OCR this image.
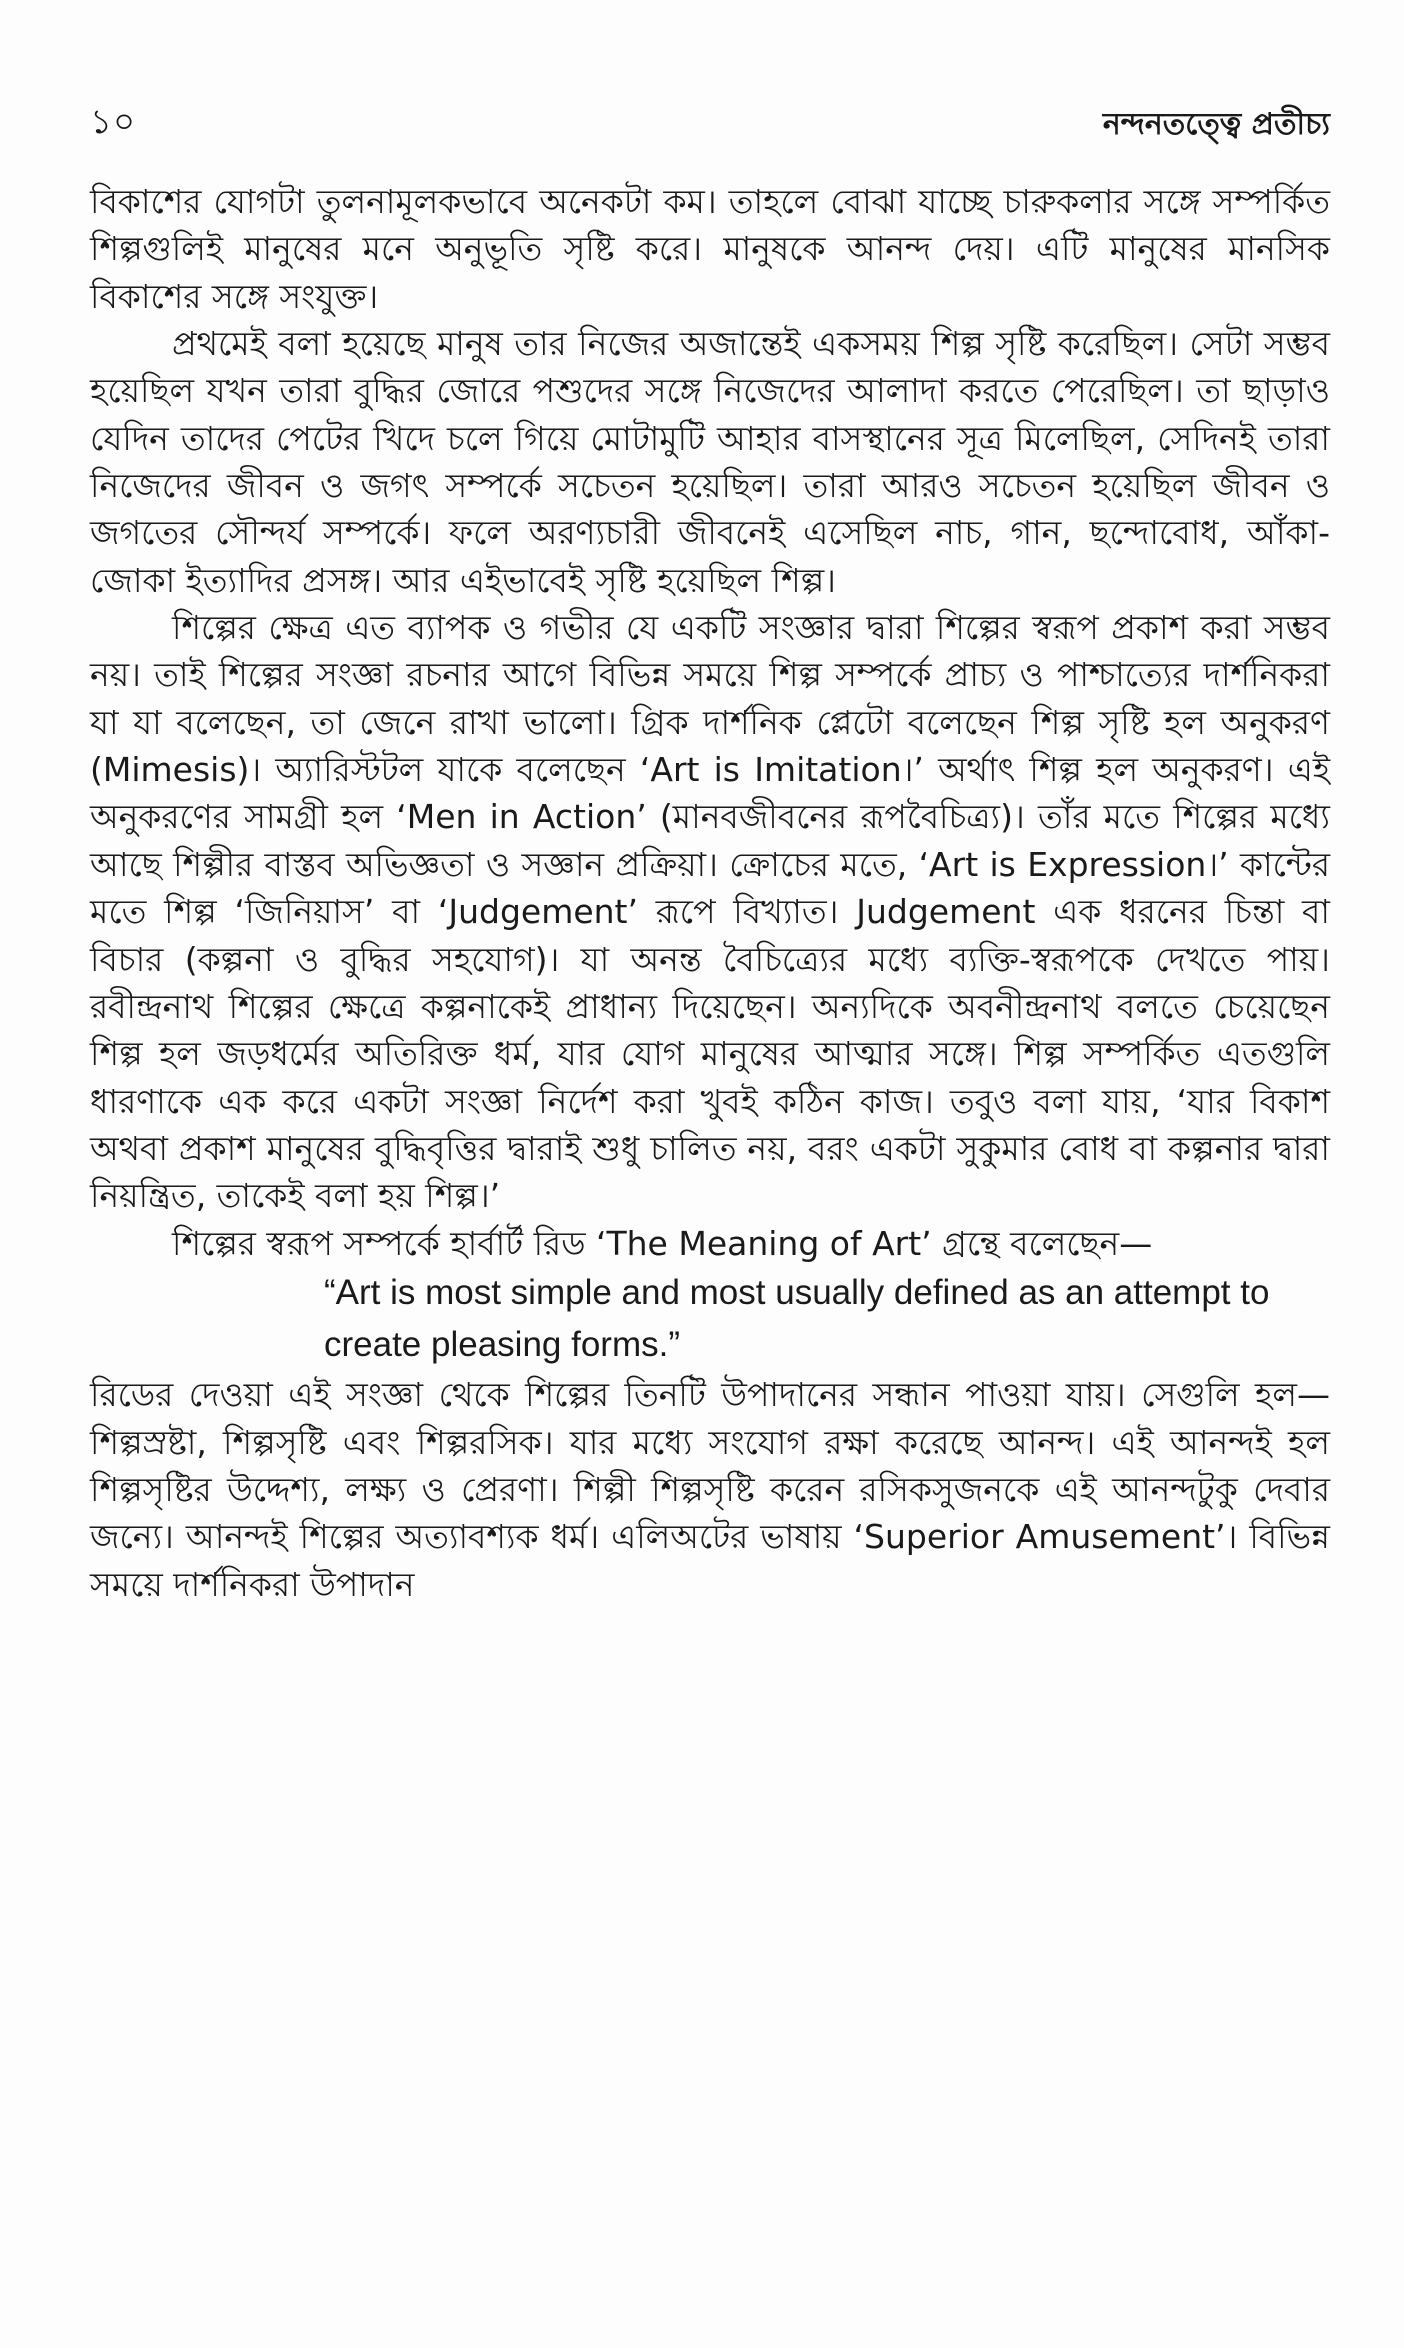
১০	নন্দনতত্ত্বে প্রতীচ্য

বিকাশের যোগটা তুলনামূলকভাবে অনেকটা কম। তাহলে বোঝা যাচ্ছে চারুকলার সঙ্গে সম্পর্কিত শিল্পগুলিই মানুষের মনে অনুভূতি সৃষ্টি করে। মানুষকে আনন্দ দেয়। এটি মানুষের মানসিক বিকাশের সঙ্গে সংযুক্ত।

প্রথমেই বলা হয়েছে মানুষ তার নিজের অজান্তেই একসময় শিল্প সৃষ্টি করেছিল। সেটা সম্ভব হয়েছিল যখন তারা বুদ্ধির জোরে পশুদের সঙ্গে নিজেদের আলাদা করতে পেরেছিল। তা ছাড়াও যেদিন তাদের পেটের খিদে চলে গিয়ে মোটামুটি আহার বাসস্থানের সূত্র মিলেছিল, সেদিনই তারা নিজেদের জীবন ও জগৎ সম্পর্কে সচেতন হয়েছিল। তারা আরও সচেতন হয়েছিল জীবন ও জগতের সৌন্দর্য সম্পর্কে। ফলে অরণ্যচারী জীবনেই এসেছিল নাচ, গান, ছন্দোবোধ, আঁকা-জোকা ইত্যাদির প্রসঙ্গ। আর এইভাবেই সৃষ্টি হয়েছিল শিল্প।

শিল্পের ক্ষেত্র এত ব্যাপক ও গভীর যে একটি সংজ্ঞার দ্বারা শিল্পের স্বরূপ প্রকাশ করা সম্ভব নয়। তাই শিল্পের সংজ্ঞা রচনার আগে বিভিন্ন সময়ে শিল্প সম্পর্কে প্রাচ্য ও পাশ্চাত্যের দার্শনিকরা যা যা বলেছেন, তা জেনে রাখা ভালো। গ্রিক দার্শনিক প্লেটো বলেছেন শিল্প সৃষ্টি হল অনুকরণ (Mimesis)। অ্যারিস্টটল যাকে বলেছেন ‘Art is Imitation।’ অর্থাৎ শিল্প হল অনুকরণ। এই অনুকরণের সামগ্রী হল ‘Men in Action’ (মানবজীবনের রূপবৈচিত্র্য)। তাঁর মতে শিল্পের মধ্যে আছে শিল্পীর বাস্তব অভিজ্ঞতা ও সজ্ঞান প্রক্রিয়া। ক্রোচের মতে, ‘Art is Expression।’ কান্টের মতে শিল্প ‘জিনিয়াস’ বা ‘Judgement’ রূপে বিখ্যাত। Judgement এক ধরনের চিন্তা বা বিচার (কল্পনা ও বুদ্ধির সহযোগ)। যা অনন্ত বৈচিত্র্যের মধ্যে ব্যক্তি-স্বরূপকে দেখতে পায়। রবীন্দ্রনাথ শিল্পের ক্ষেত্রে কল্পনাকেই প্রাধান্য দিয়েছেন। অন্যদিকে অবনীন্দ্রনাথ বলতে চেয়েছেন শিল্প হল জড়ধর্মের অতিরিক্ত ধর্ম, যার যোগ মানুষের আত্মার সঙ্গে। শিল্প সম্পর্কিত এতগুলি ধারণাকে এক করে একটা সংজ্ঞা নির্দেশ করা খুবই কঠিন কাজ। তবুও বলা যায়, ‘যার বিকাশ অথবা প্রকাশ মানুষের বুদ্ধিবৃত্তির দ্বারাই শুধু চালিত নয়, বরং একটা সুকুমার বোধ বা কল্পনার দ্বারা নিয়ন্ত্রিত, তাকেই বলা হয় শিল্প।’

শিল্পের স্বরূপ সম্পর্কে হার্বার্ট রিড ‘The Meaning of Art’ গ্রন্থে বলেছেন—

“Art is most simple and most usually defined as an attempt to create pleasing forms.”

রিডের দেওয়া এই সংজ্ঞা থেকে শিল্পের তিনটি উপাদানের সন্ধান পাওয়া যায়। সেগুলি হল—শিল্পস্রষ্টা, শিল্পসৃষ্টি এবং শিল্পরসিক। যার মধ্যে সংযোগ রক্ষা করেছে আনন্দ। এই আনন্দই হল শিল্পসৃষ্টির উদ্দেশ্য, লক্ষ্য ও প্রেরণা। শিল্পী শিল্পসৃষ্টি করেন রসিকসুজনকে এই আনন্দটুকু দেবার জন্যে। আনন্দই শিল্পের অত্যাবশ্যক ধর্ম। এলিঅটের ভাষায় ‘Superior Amusement’। বিভিন্ন সময়ে দার্শনিকরা উপাদান
